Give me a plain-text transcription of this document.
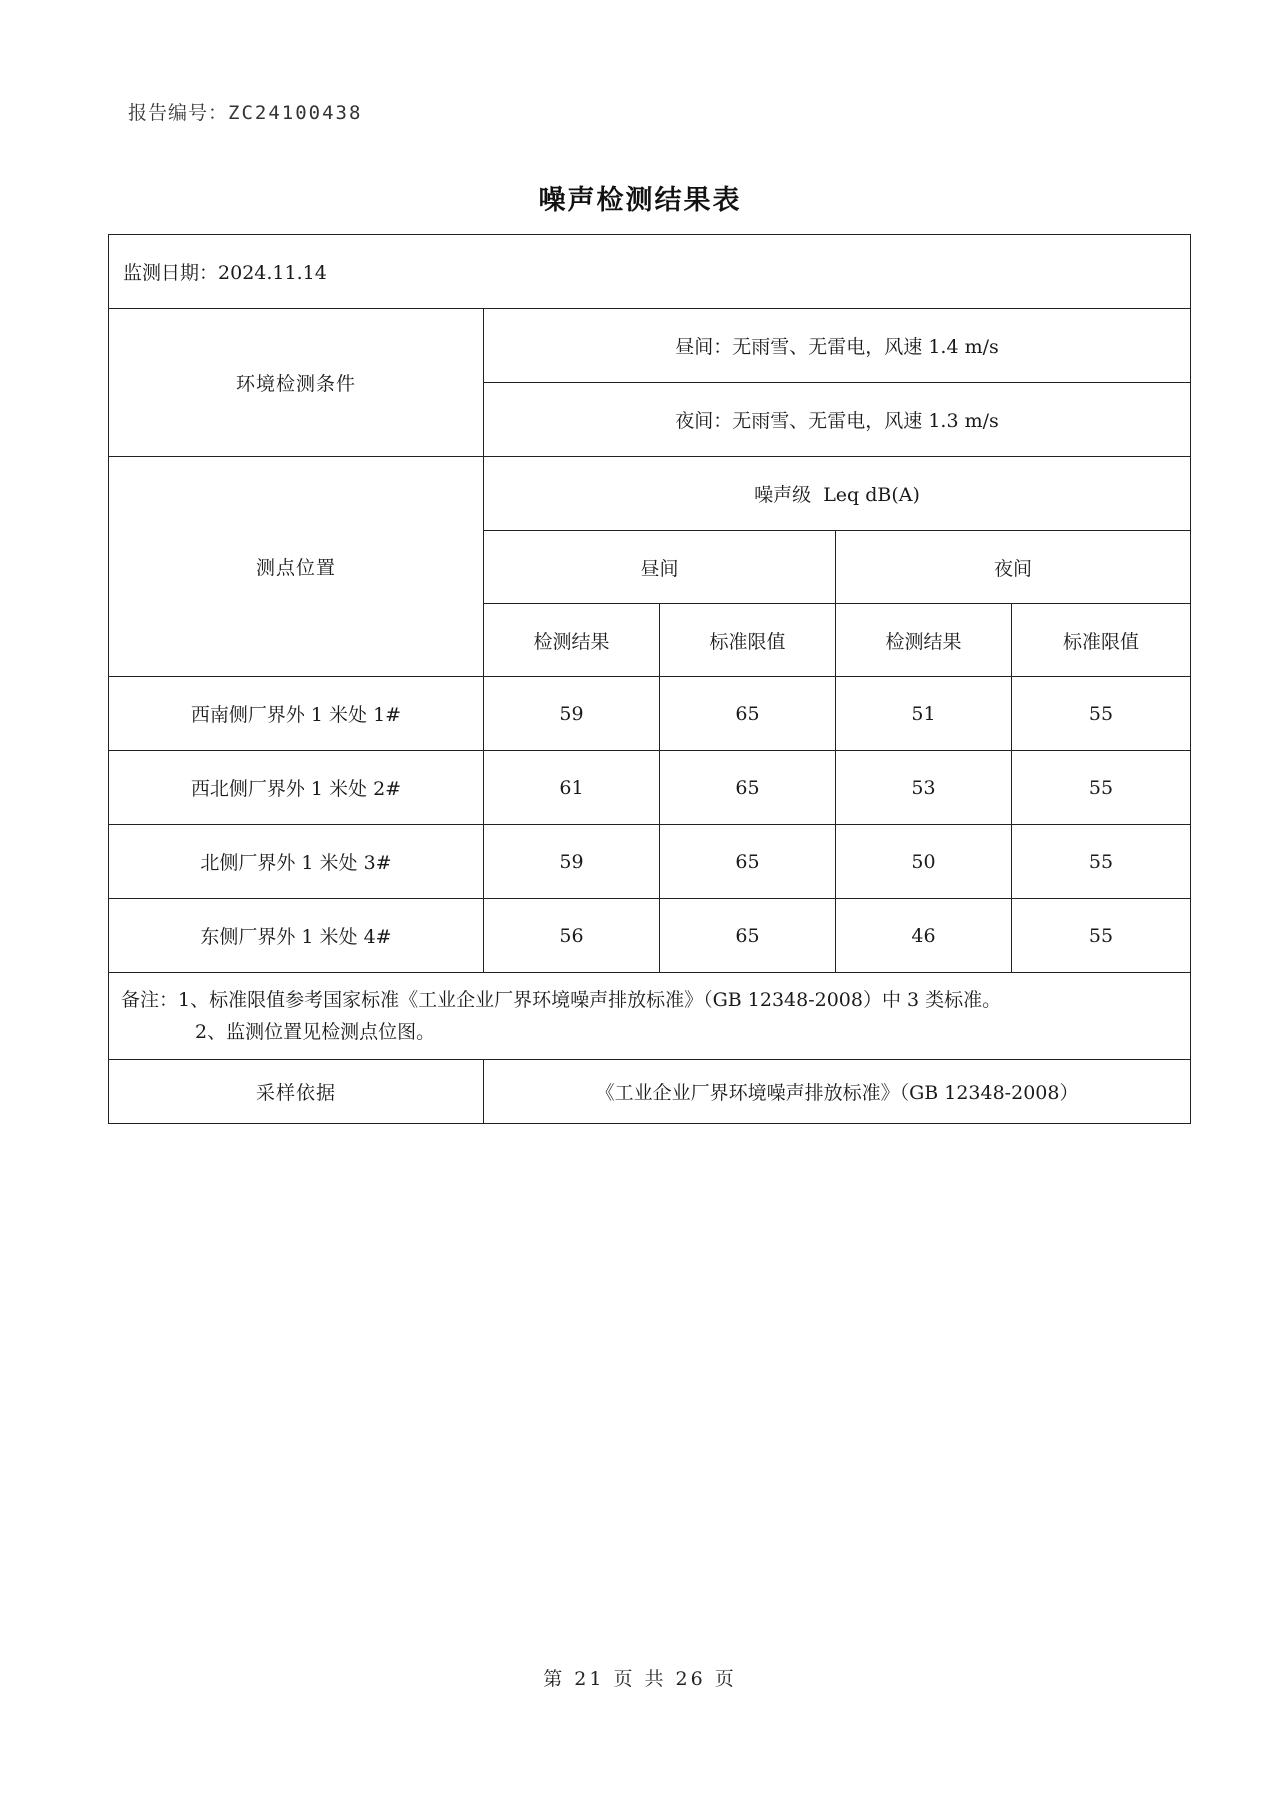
报告编号：ZC24100438
噪声检测结果表
监测日期：2024.11.14				
环境检测条件	昼间：无雨雪、无雷电，风速 1.4 m/s			
	夜间：无雨雪、无雷电，风速 1.3 m/s			
测点位置	噪声级  Leq dB(A)			
	昼间		夜间	
	检测结果	标准限值	检测结果	标准限值
西南侧厂界外 1 米处 1#	59	65	51	55
西北侧厂界外 1 米处 2#	61	65	53	55
北侧厂界外 1 米处 3#	59	65	50	55
东侧厂界外 1 米处 4#	56	65	46	55

备注：1、标准限值参考国家标准《工业企业厂界环境噪声排放标准》（GB 12348-2008）中 3 类标准。
2、监测位置见检测点位图。				

采样依据	《工业企业厂界环境噪声排放标准》（GB 12348-2008）			
第 21 页 共 26 页
